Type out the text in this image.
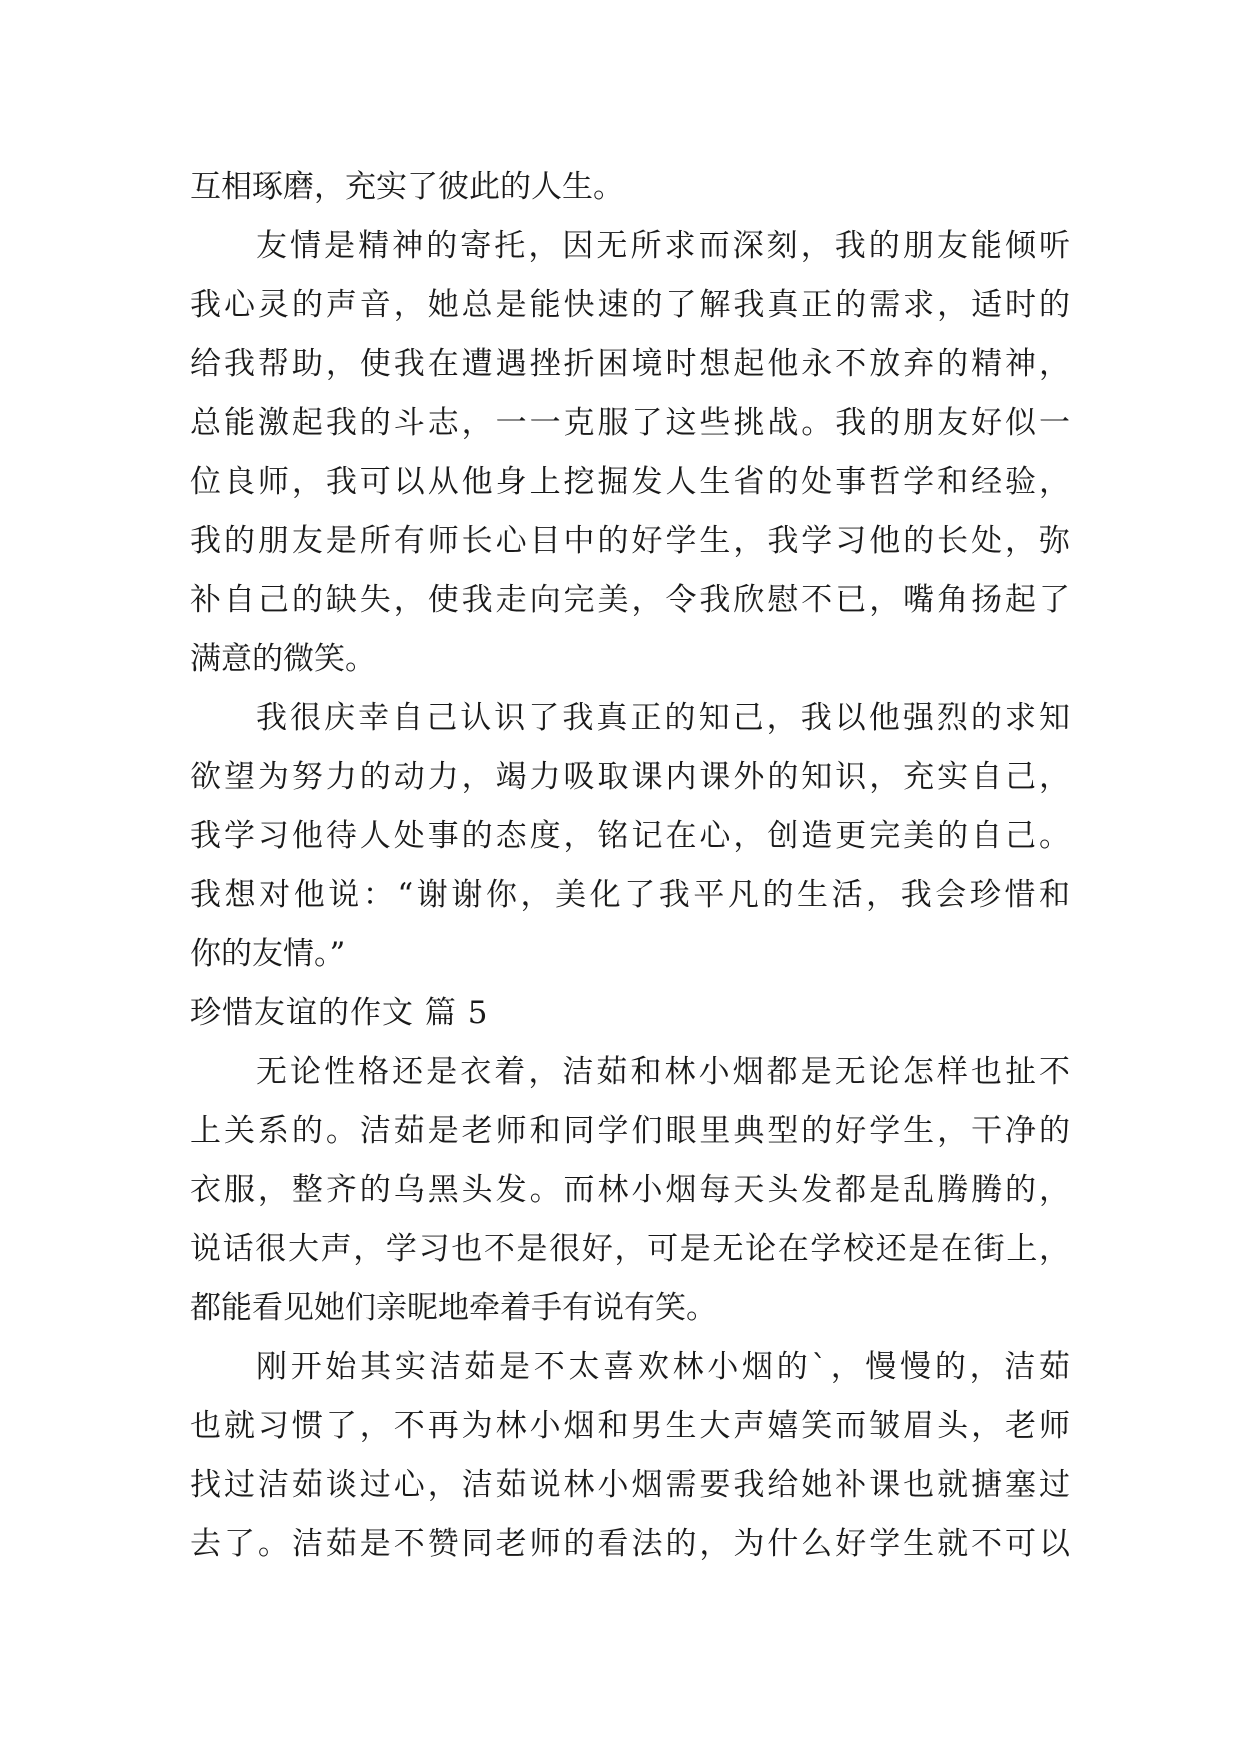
互相琢磨，充实了彼此的人生。
友情是精神的寄托，因无所求而深刻，我的朋友能倾听
我心灵的声音，她总是能快速的了解我真正的需求，适时的
给我帮助，使我在遭遇挫折困境时想起他永不放弃的精神，
总能激起我的斗志，一一克服了这些挑战。我的朋友好似一
位良师，我可以从他身上挖掘发人生省的处事哲学和经验，
我的朋友是所有师长心目中的好学生，我学习他的长处，弥
补自己的缺失，使我走向完美，令我欣慰不已，嘴角扬起了
满意的微笑。
我很庆幸自己认识了我真正的知己，我以他强烈的求知
欲望为努力的动力，竭力吸取课内课外的知识，充实自己，
我学习他待人处事的态度，铭记在心，创造更完美的自己。
我想对他说：“谢谢你，美化了我平凡的生活，我会珍惜和
你的友情。”
珍惜友谊的作文 篇 5
无论性格还是衣着，洁茹和林小烟都是无论怎样也扯不
上关系的。洁茹是老师和同学们眼里典型的好学生，干净的
衣服，整齐的乌黑头发。而林小烟每天头发都是乱腾腾的，
说话很大声，学习也不是很好，可是无论在学校还是在街上，
都能看见她们亲昵地牵着手有说有笑。
刚开始其实洁茹是不太喜欢林小烟的`，慢慢的，洁茹
也就习惯了，不再为林小烟和男生大声嬉笑而皱眉头，老师
找过洁茹谈过心，洁茹说林小烟需要我给她补课也就搪塞过
去了。洁茹是不赞同老师的看法的，为什么好学生就不可以
